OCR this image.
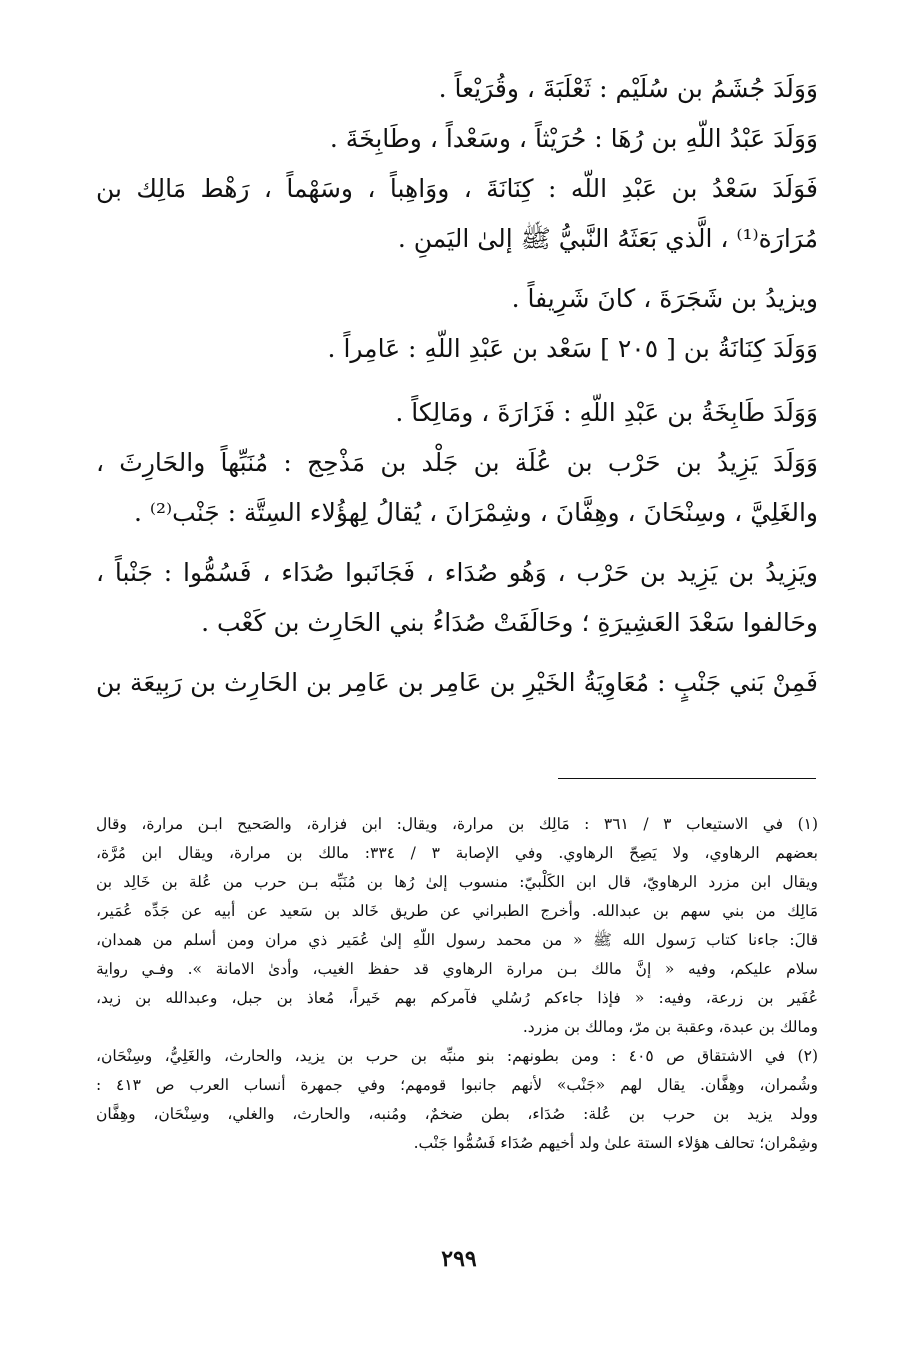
وَوَلَدَ جُشَمُ بن سُلَيْم : ثَعْلَبَةَ ، وقُرَيْعاً .
وَوَلَدَ عَبْدُ اللّهِ بن رُهَا : حُرَيْثاً ، وسَعْداً ، وطَابِخَةَ .
فَوَلَدَ سَعْدُ بن عَبْدِ اللّه : كِنَانَةَ ، ووَاهِباً ، وسَهْماً ، رَهْط مَالِك بن
مُرَارَة⁽¹⁾ ، الَّذي بَعَثَهُ النَّبيُّ ﷺ إلىٰ اليَمنِ .
ويزيدُ بن شَجَرَةَ ، كانَ شَرِيفاً .
وَوَلَدَ كِنَانَةُ بن [ ٢٠٥ ] سَعْد بن عَبْدِ اللّهِ : عَامِراً .
وَوَلَدَ طَابِخَةُ بن عَبْدِ اللّهِ : فَزَارَةَ ، ومَالِكاً .
وَوَلَدَ يَزِيدُ بن حَرْب بن عُلَة بن جَلْد بن مَذْحِج : مُنَبِّهاً والحَارِثَ ،
والغَلِيَّ ، وسِنْحَانَ ، وهِفَّانَ ، وشِمْرَانَ ، يُقالُ لِهؤُلاء السِتَّة : جَنْب⁽²⁾ .
ويَزِيدُ بن يَزِيد بن حَرْب ، وَهُو صُدَاء ، فَجَانَبوا صُدَاء ، فَسُمُّوا : جَنْباً ،
وحَالفوا سَعْدَ العَشِيرَةِ ؛ وحَالَفَتْ صُدَاءُ بني الحَارِث بن كَعْب .
فَمِنْ بَني جَنْبٍ : مُعَاوِيَةُ الخَيْرِ بن عَامِر بن عَامِر بن الحَارِث بن رَبِيعَة بن
(١) في الاستيعاب ٣ / ٣٦١ : مَالِك بن مرارة، ويقال: ابن فزارة، والصَحيح ابـن مرارة، وقال
بعضهم الرهاوي، ولا يَصِحّ الرهاوي. وفي الإصابة ٣ / ٣٣٤: مالك بن مرارة، ويقال ابن مُرَّة،
ويقال ابن مزرد الرهاويّ، قال ابن الكَلْبيّ: منسوب إلىٰ رُها بن مُنَبِّه بـن حرب من عُلة بن خَالِد بن
مَالِك من بني سهم بن عبدالله. وأخرج الطبراني عن طريق خَالد بن سَعيد عن أبيه عن جَدِّه عُمَير،
قالَ: جاءنا كتاب رَسول الله ﷺ « من محمد رسول اللّهِ إلىٰ عُمَير ذي مران ومن أسلم من همدان،
سلام عليكم، وفيه « إنَّ مالك بـن مرارة الرهاوي قد حفظ الغيب، وأدىٰ الامانة ». وفـي رواية
عُفَير بن زرعة، وفيه: « فإذا جاءكم رُسُلي فآمركم بهم خَيراً، مُعاذ بن جبل، وعبدالله بن زيد،
ومالك بن عبدة، وعقبة بن مرّ، ومالك بن مزرد.
(٢) في الاشتقاق ص ٤٠٥ : ومن بطونهم: بنو منبِّه بن حرب بن يزيد، والحارث، والغَلِيُّ، وسِنْحَان،
وشُمران، وهِفَّان. يقال لهم «جَنْب» لأنهم جانبوا قومهم؛ وفي جمهرة أنساب العرب ص ٤١٣ :
وولد يزيد بن حرب بن عُلة: صُدَاء، بطن ضخمٌ، ومُنبه، والحارث، والغلي، وسِنْحَان، وهِفَّان
وشِمْران؛ تحالف هؤلاء الستة علىٰ ولد أخيهم صُدَاء فَسُمُّوا جَنْب.
٢٩٩
